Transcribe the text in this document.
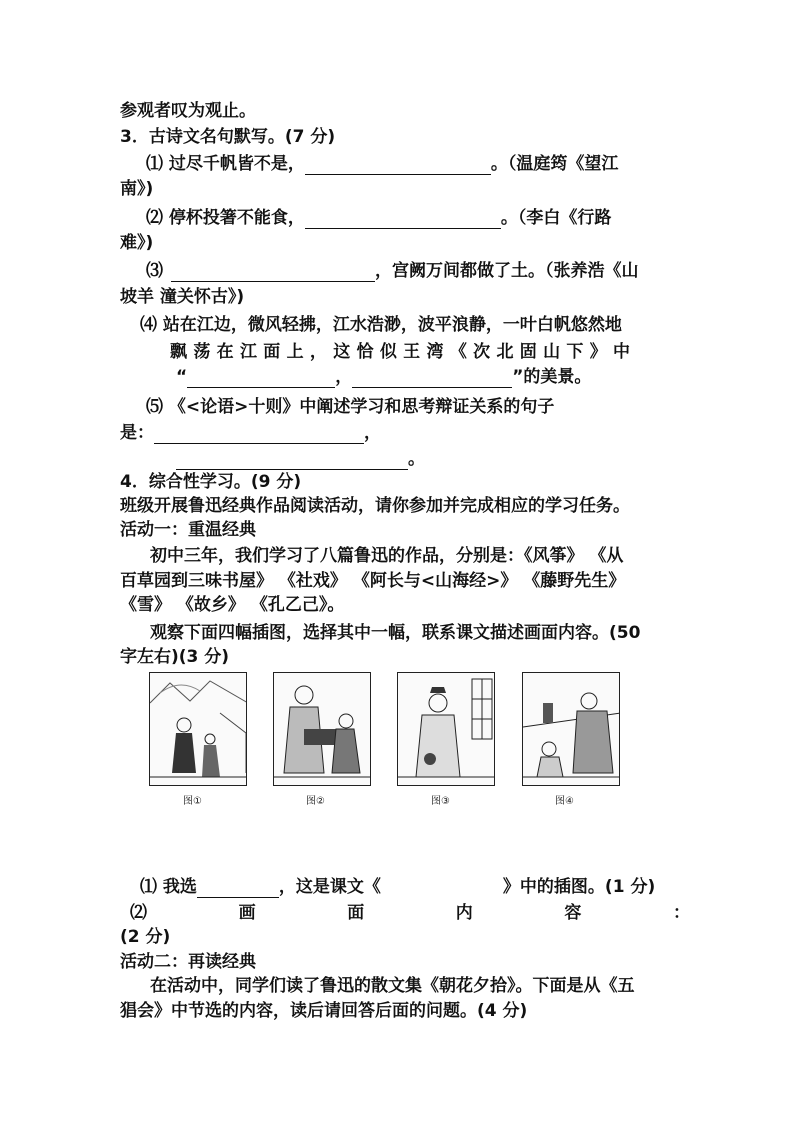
参观者叹为观止。
3．古诗文名句默写。(7 分)
⑴ 过尽千帆皆不是，	。（温庭筠《望江
南》)
⑵ 停杯投箸不能食，	。（李白《行路
难》)
⑶	，宫阙万间都做了土。（张养浩《山
坡羊 潼关怀古》)
⑷ 站在江边，微风轻拂，江水浩渺，波平浪静，一叶白帆悠然地
飘 荡 在 江 面 上 ， 这 恰 似 王 湾 《 次 北 固 山 下 》 中
“	，	”的美景。
⑸ 《<论语>十则》中阐述学习和思考辩证关系的句子
是：	，
。
4．综合性学习。(9 分)
班级开展鲁迅经典作品阅读活动，请你参加并完成相应的学习任务。
活动一：重温经典
初中三年，我们学习了八篇鲁迅的作品，分别是：《风筝》 《从
百草园到三味书屋》 《社戏》 《阿长与<山海经>》 《藤野先生》
《雪》 《故乡》 《孔乙己》。
观察下面四幅插图，选择其中一幅，联系课文描述画面内容。(50
字左右)(3 分)
图①	图②	图③	图④
⑴ 我选	，这是课文《	》中的插图。(1 分)
⑵	画	面	内	容	：
(2 分)
活动二：再读经典
在活动中，同学们读了鲁迅的散文集《朝花夕拾》。下面是从《五
猖会》中节选的内容，读后请回答后面的问题。(4 分)
